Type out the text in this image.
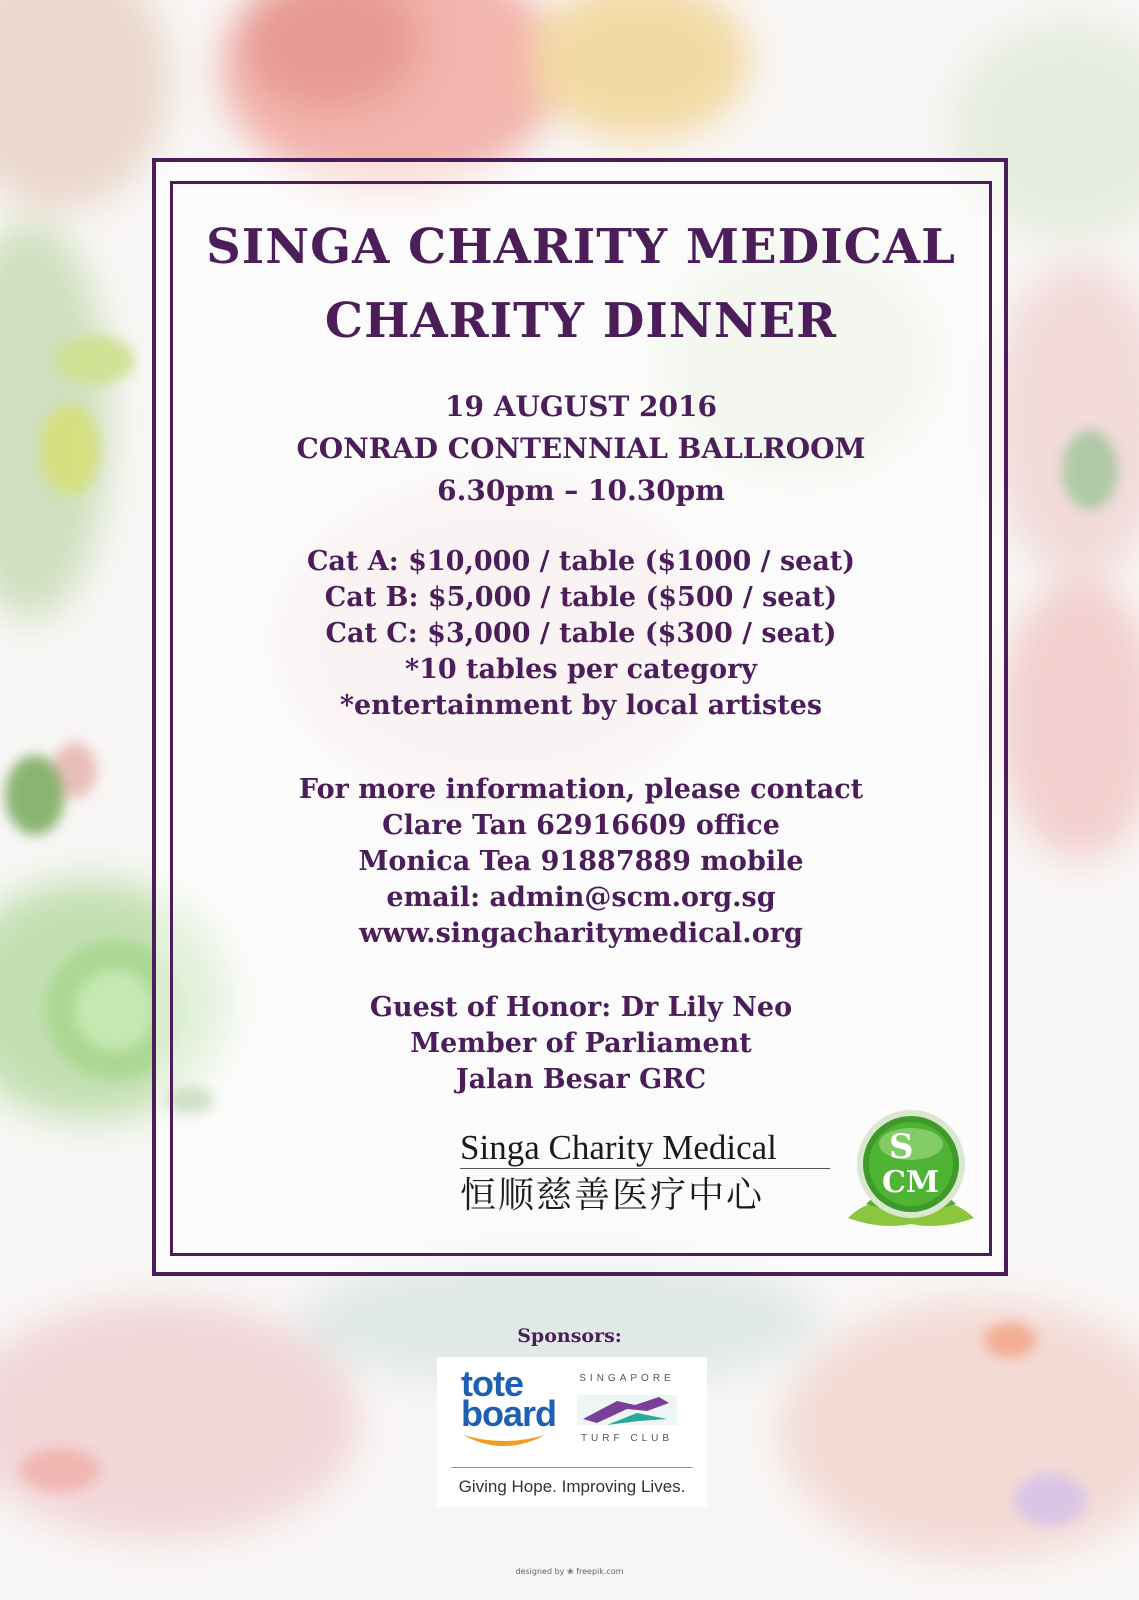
SINGA CHARITY MEDICAL
CHARITY DINNER
19 AUGUST 2016
CONRAD CONTENNIAL BALLROOM
6.30pm – 10.30pm
Cat A: $10,000 / table ($1000 / seat)
Cat B: $5,000 / table ($500 / seat)
Cat C: $3,000 / table ($300 / seat)
*10 tables per category
*entertainment by local artistes
For more information, please contact
Clare Tan 62916609 office
Monica Tea 91887889 mobile
email: admin@scm.org.sg
www.singacharitymedical.org
Guest of Honor: Dr Lily Neo
Member of Parliament
Jalan Besar GRC
Singa Charity Medical
恒顺慈善医疗中心
S
CM
Sponsors:
tote
board
SINGAPORE
TURF CLUB
Giving Hope. Improving Lives.
designed by ❀ freepik.com
